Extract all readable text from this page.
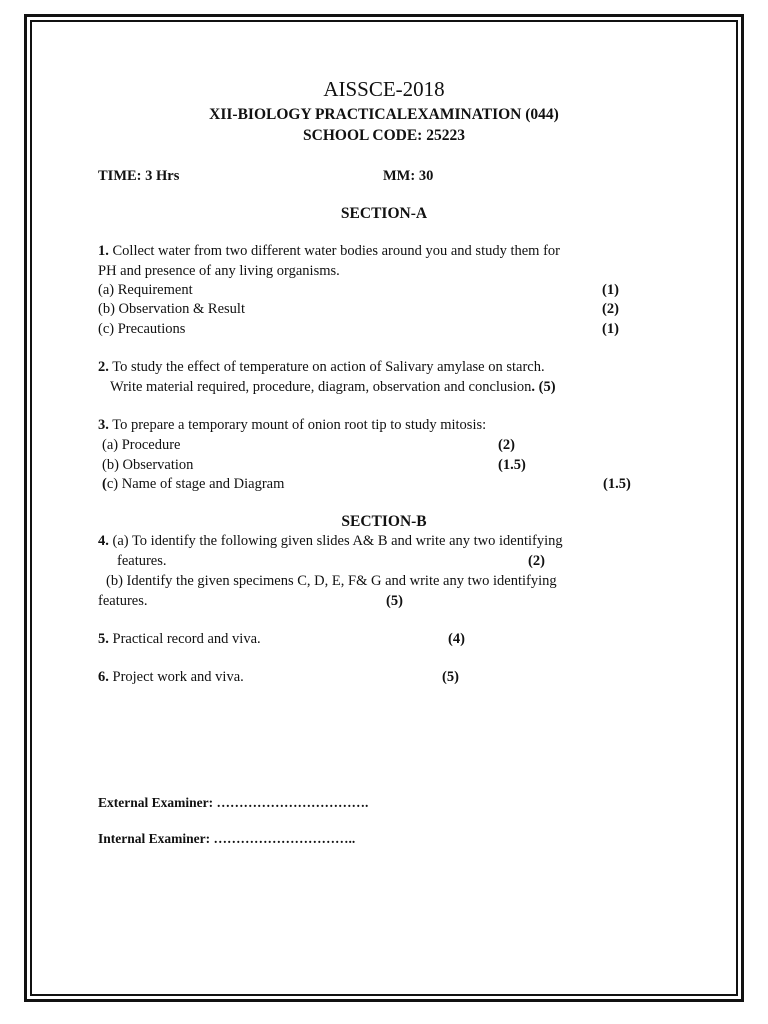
AISSCE-2018
XII-BIOLOGY PRACTICALEXAMINATION (044)
SCHOOL CODE: 25223
TIME: 3 Hrs	MM: 30
SECTION-A
1. Collect water from two different water bodies around you and study them for
PH and presence of any living organisms.
(a) Requirement	(1)
(b) Observation & Result	(2)
(c) Precautions	(1)
2. To study the effect of temperature on action of Salivary amylase on starch.
Write material required, procedure, diagram, observation and conclusion. (5)
3. To prepare a temporary mount of onion root tip to study mitosis:
(a) Procedure	(2)
(b) Observation	(1.5)
(c) Name of stage and Diagram	(1.5)
SECTION-B
4. (a) To identify the following given slides A& B and write any two identifying
features.	(2)
(b) Identify the given specimens C, D, E, F& G and write any two identifying
features.	(5)
5. Practical record and viva.	(4)
6. Project work and viva.	(5)
External Examiner: …………………………….
Internal Examiner: …………………………..
